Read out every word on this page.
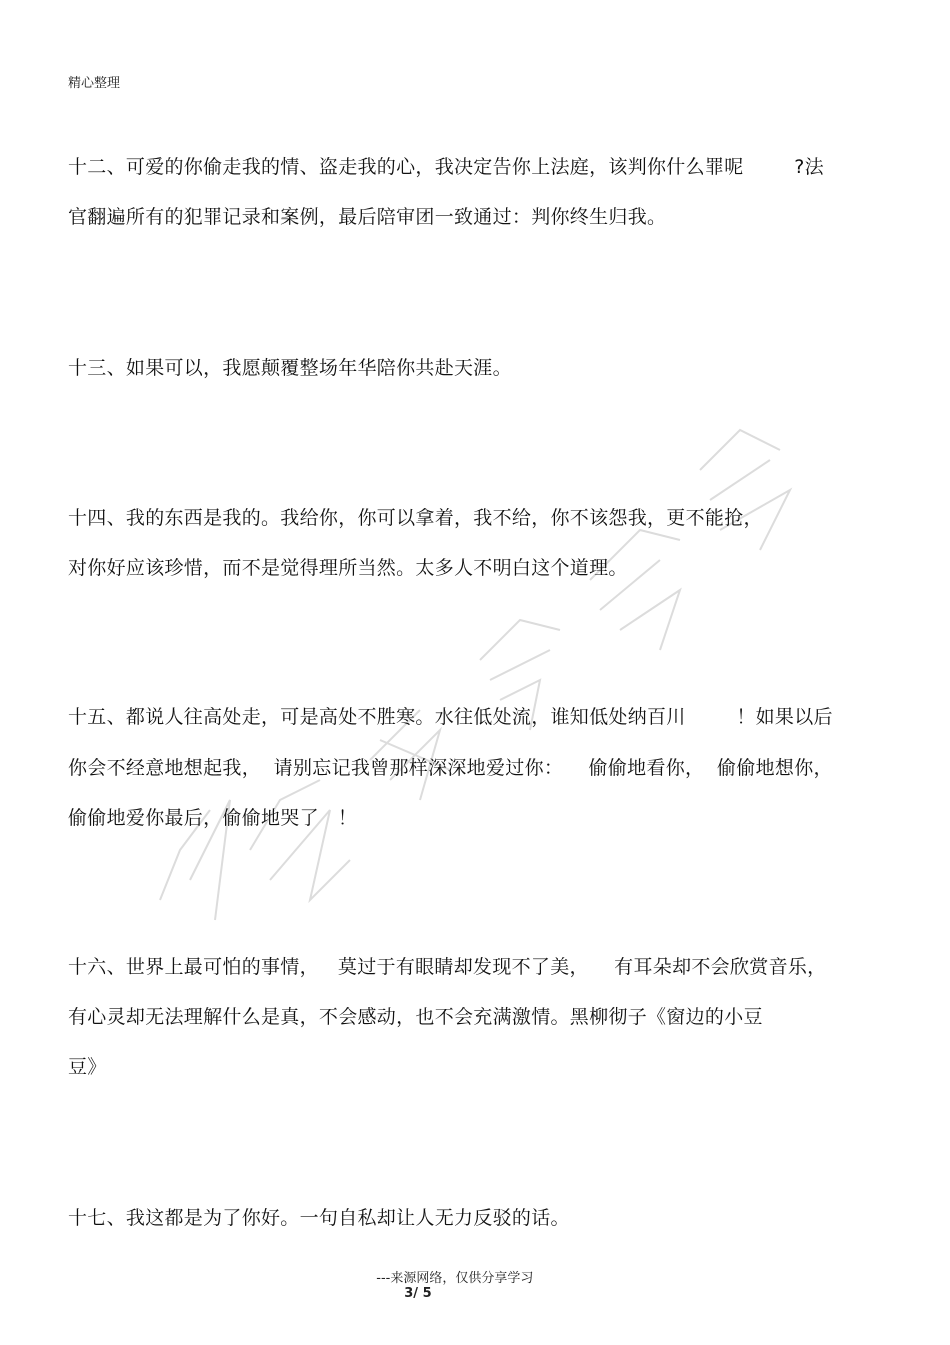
精心整理
十二、可爱的你偷走我的情、盗走我的心，我决定告你上法庭，该判你什么罪呢        ?法
官翻遍所有的犯罪记录和案例，最后陪审团一致通过：判你终生归我。
十三、如果可以，我愿颠覆整场年华陪你共赴天涯。
十四、我的东西是我的。我给你，你可以拿着，我不给，你不该怨我，更不能抢，
对你好应该珍惜，而不是觉得理所当然。太多人不明白这个道理。
十五、都说人往高处走，可是高处不胜寒。水往低处流，谁知低处纳百川        ！如果以后
你会不经意地想起我，  请别忘记我曾那样深深地爱过你：    偷偷地看你，  偷偷地想你，
偷偷地爱你最后，偷偷地哭了   ！
十六、世界上最可怕的事情，   莫过于有眼睛却发现不了美，    有耳朵却不会欣赏音乐，
有心灵却无法理解什么是真，不会感动，也不会充满激情。黑柳彻子《窗边的小豆
豆》
十七、我这都是为了你好。一句自私却让人无力反驳的话。

---来源网络，仅供分享学习
3/ 5
